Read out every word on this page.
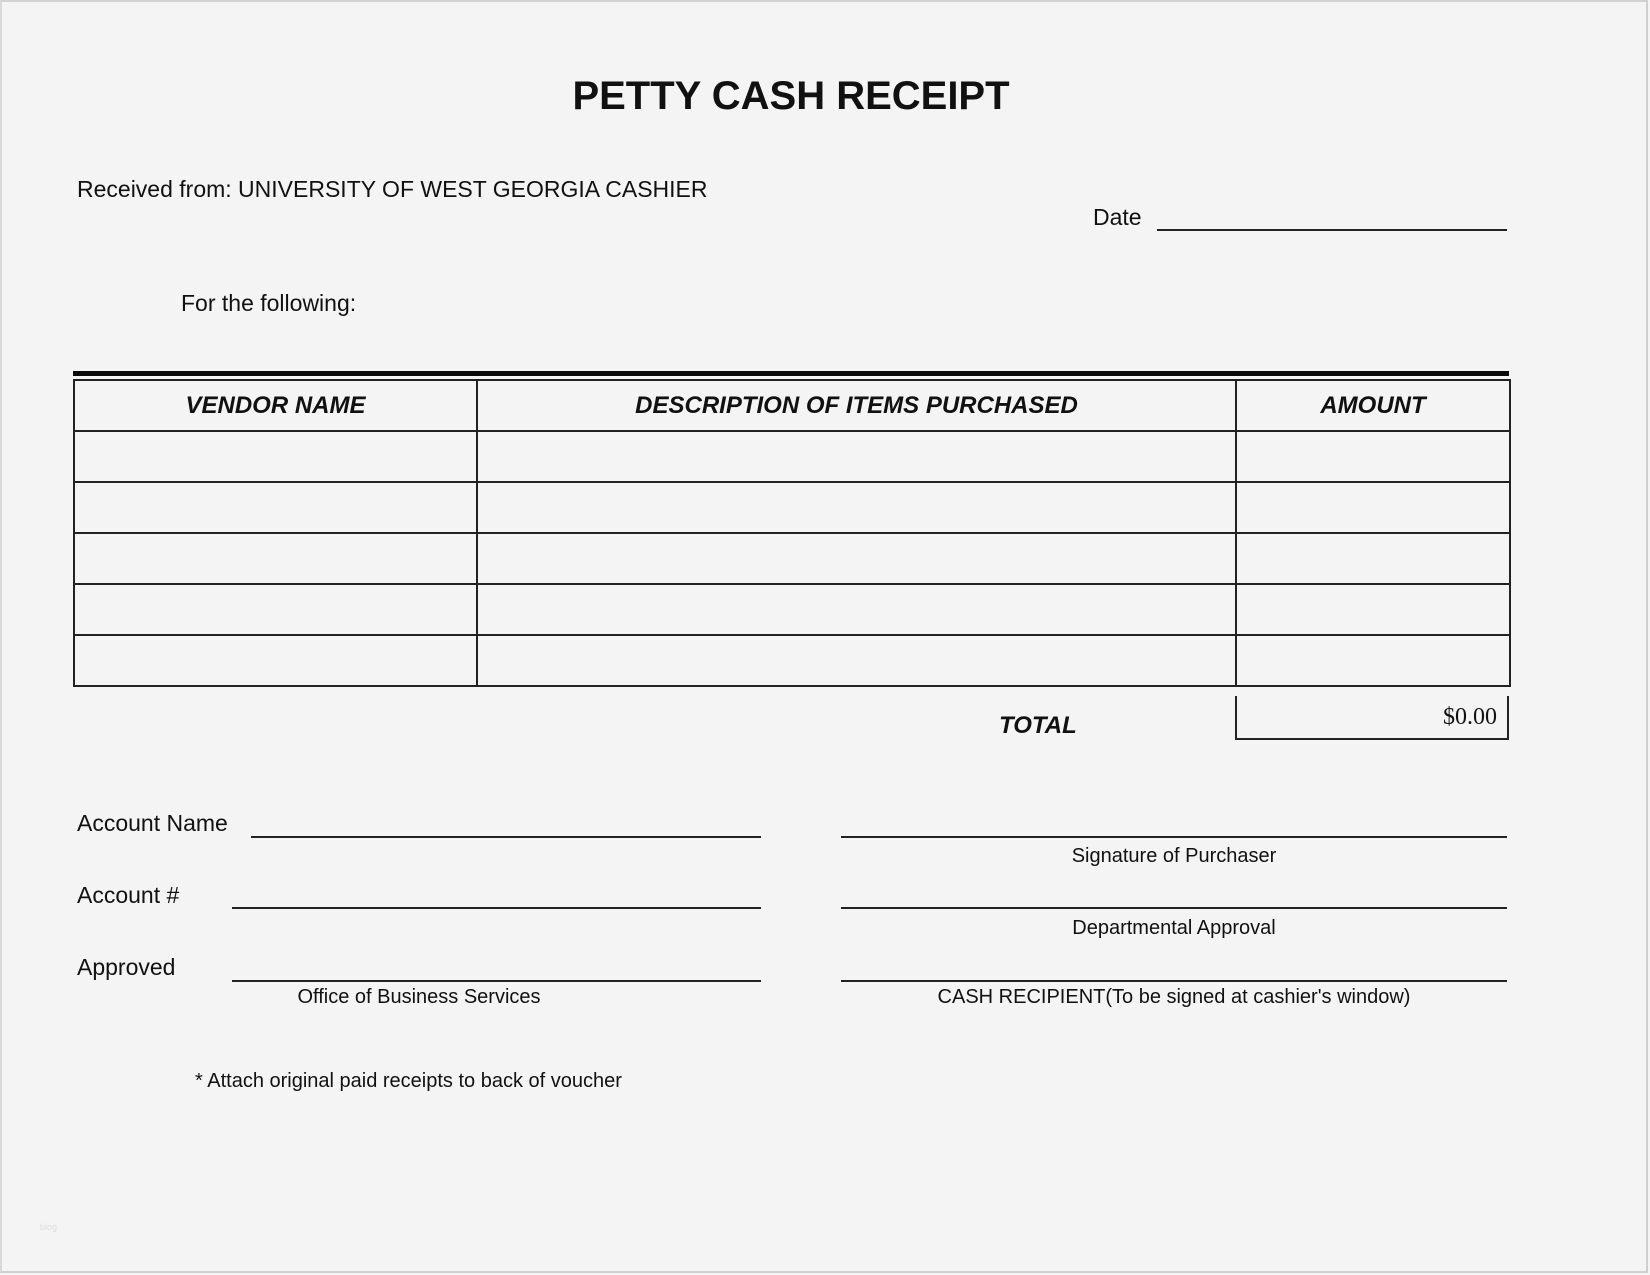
PETTY CASH RECEIPT
Received from: UNIVERSITY OF WEST GEORGIA CASHIER
Date
For the following:
VENDOR NAME	DESCRIPTION OF ITEMS PURCHASED	AMOUNT

TOTAL	$0.00
Account Name
Account #
Approved
Office of Business Services
Signature of Purchaser
Departmental Approval
CASH RECIPIENT(To be signed at cashier's window)
* Attach original paid receipts to back of voucher
blog
